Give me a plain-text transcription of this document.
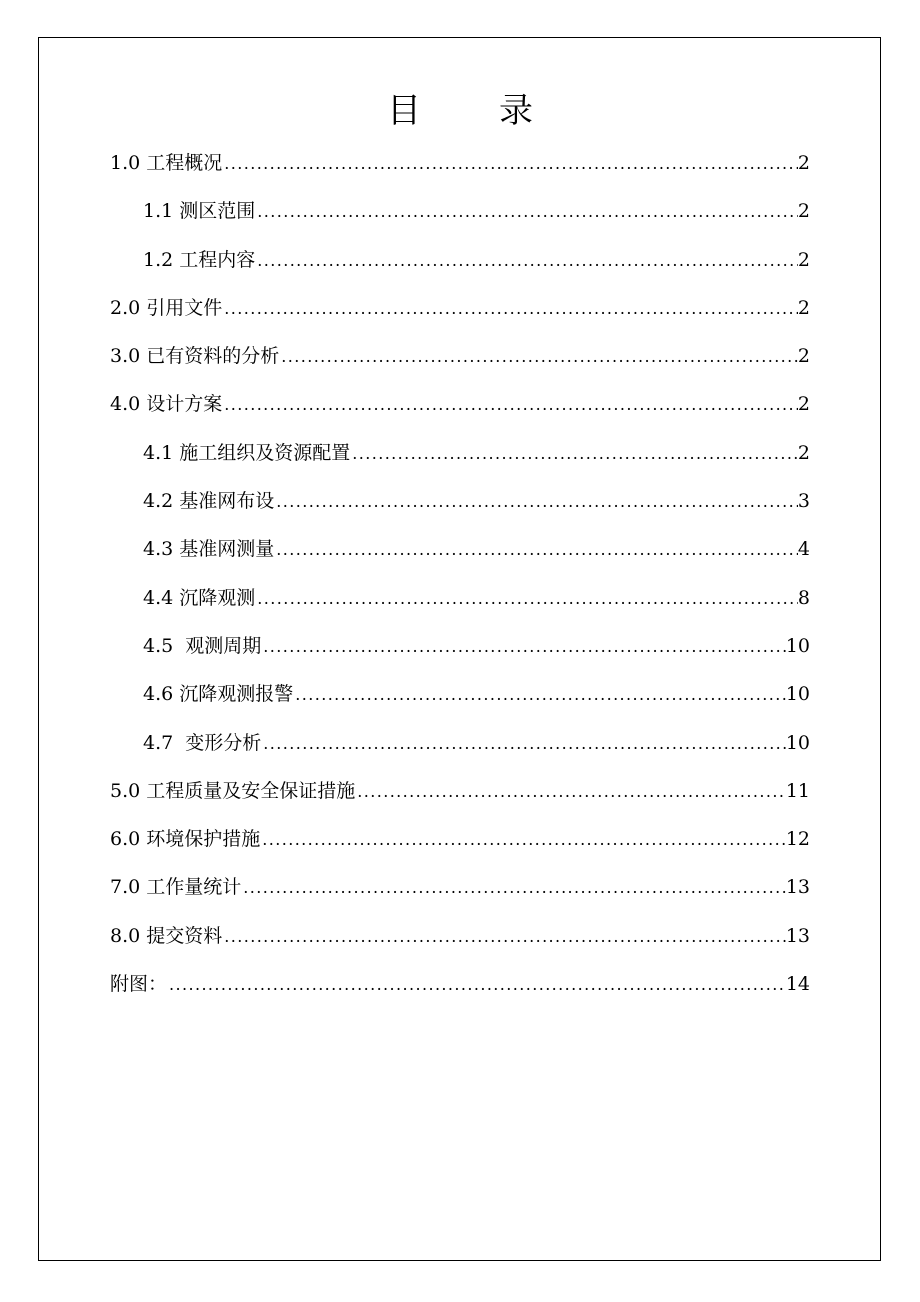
目 录
1.0 工程概况 .....	2
1.1 测区范围 .....	2
1.2 工程内容 .....	2
2.0 引用文件 .....	2
3.0 已有资料的分析 .....	2
4.0 设计方案 .....	2
4.1 施工组织及资源配置 .....	2
4.2 基准网布设 .....	3
4.3 基准网测量 .....	4
4.4 沉降观测 .....	8
4.5  观测周期 .....	10
4.6 沉降观测报警 .....	10
4.7  变形分析 .....	10
5.0 工程质量及安全保证措施 .....	11
6.0 环境保护措施 .....	12
7.0 工作量统计 .....	13
8.0 提交资料 .....	13
附图： .....	14
